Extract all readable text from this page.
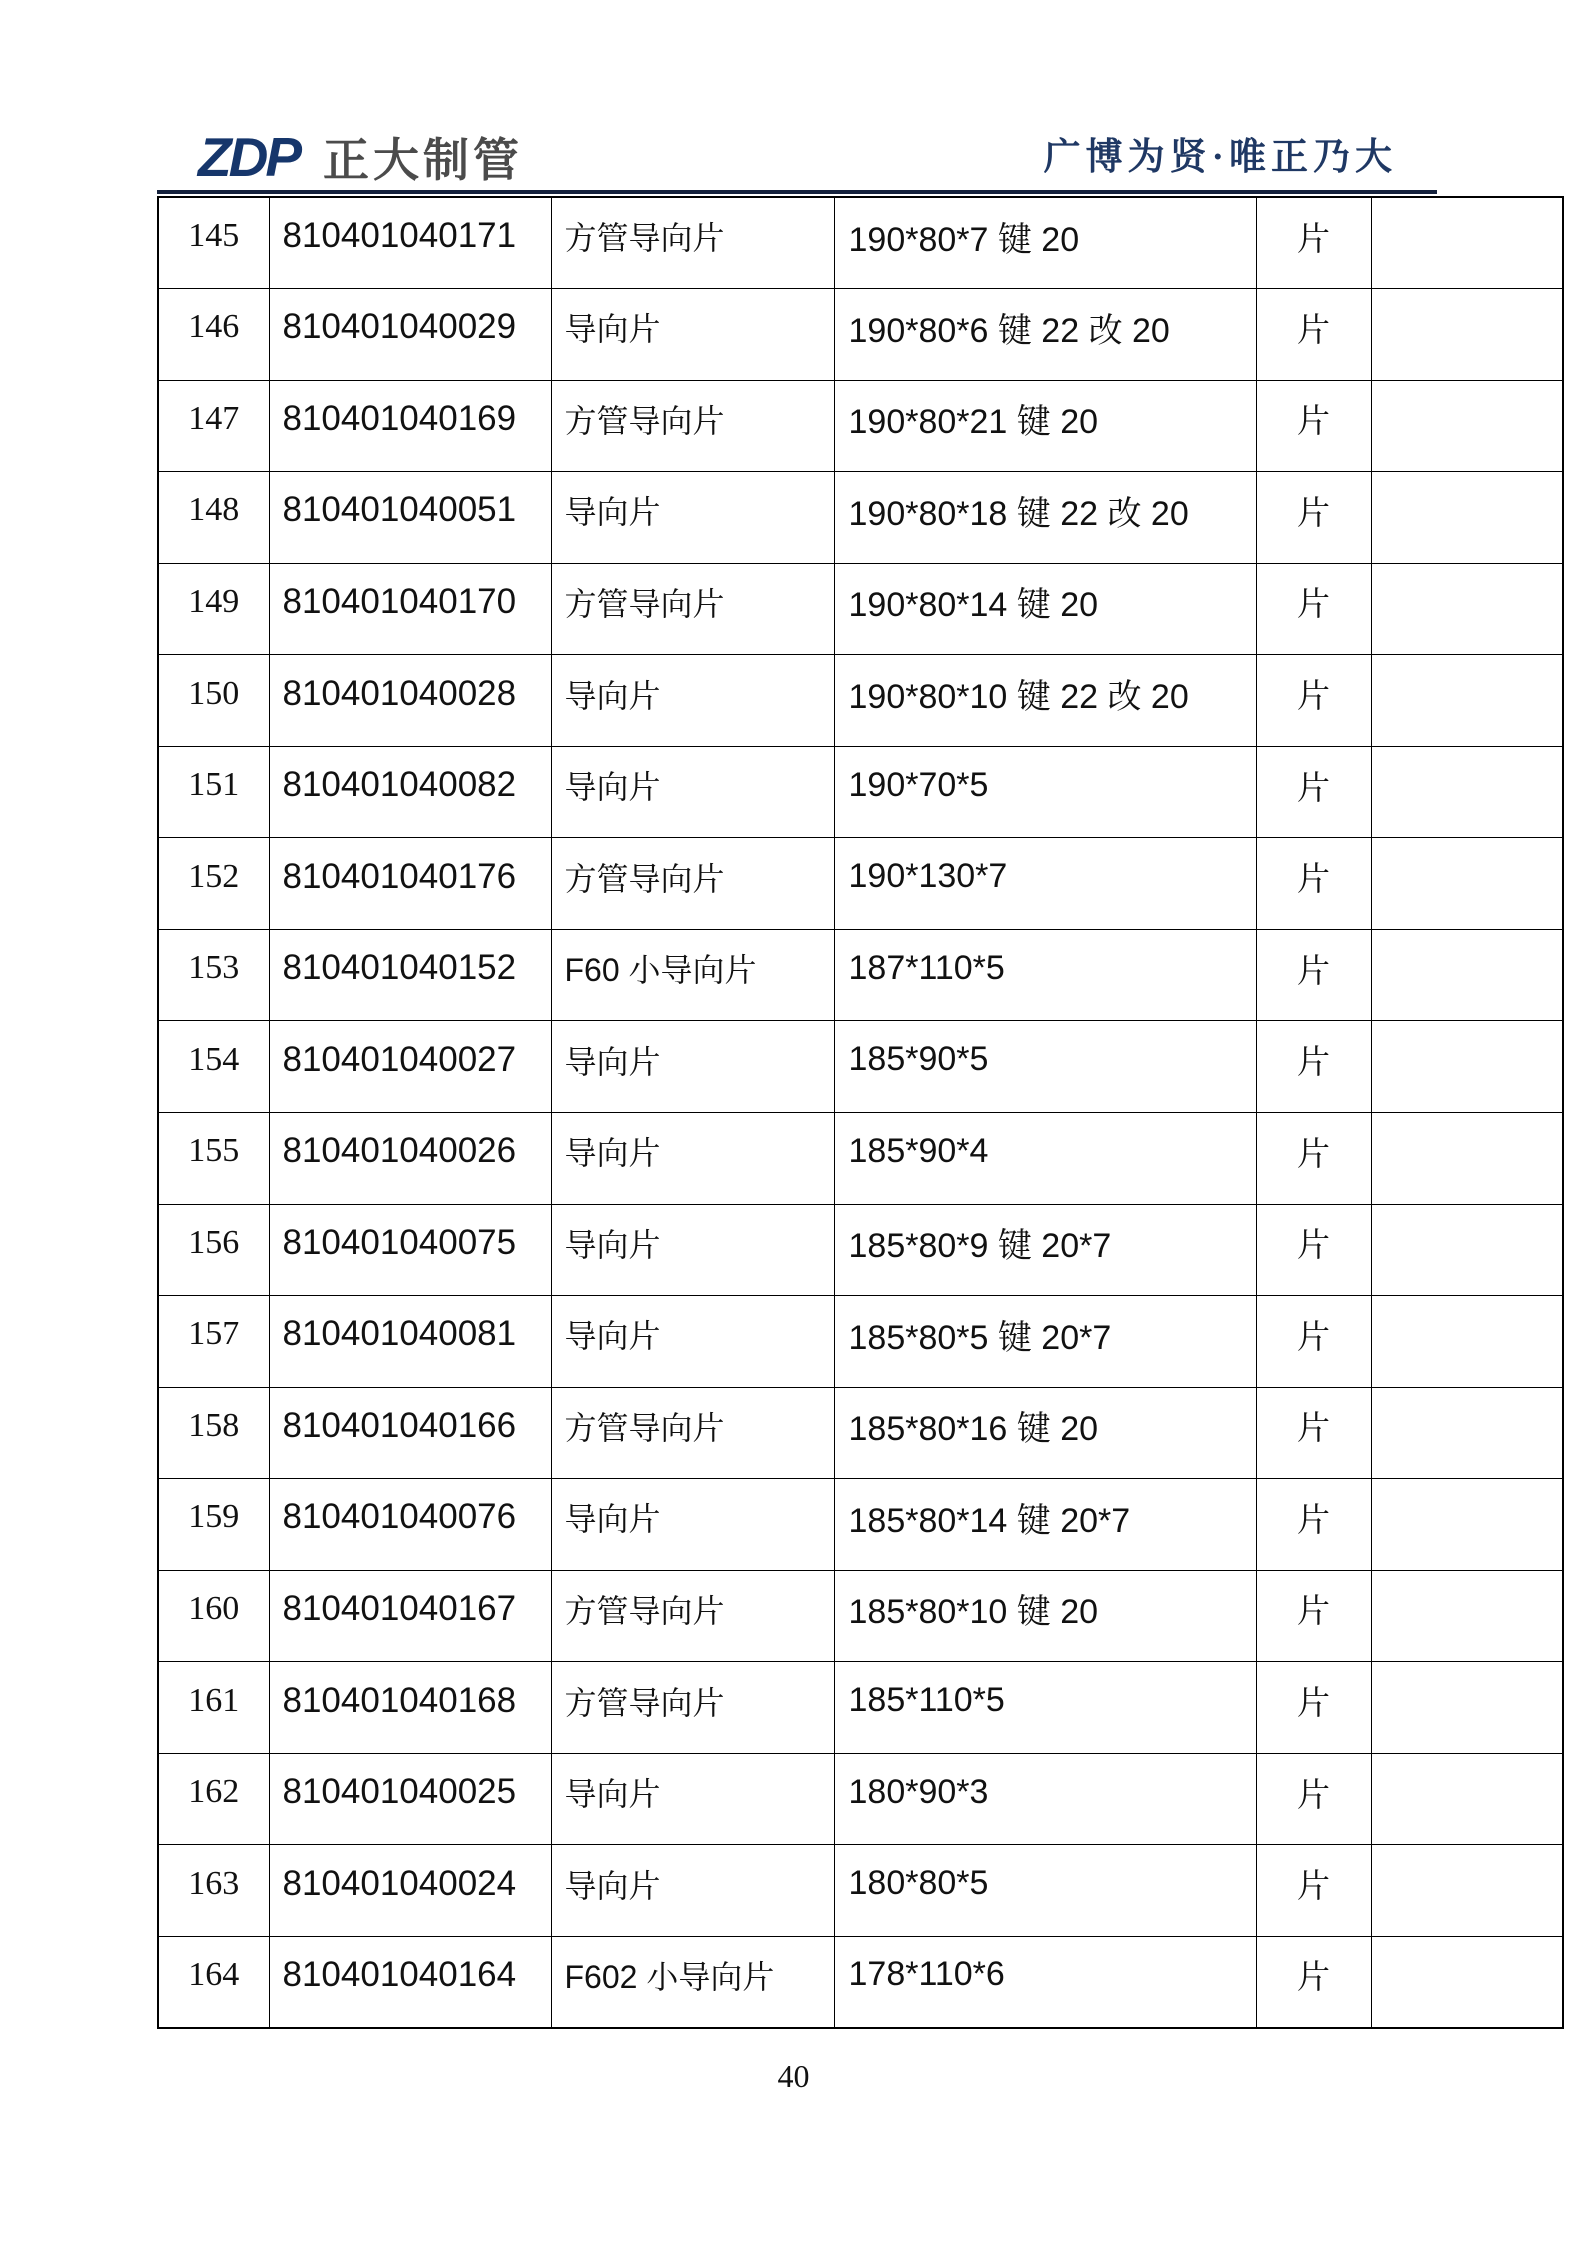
ZDP 正大制管	广博为贤·唯正乃大
145	810401040171	方管导向片	190*80*7 键 20	片	
146	810401040029	导向片	190*80*6 键 22 改 20	片	
147	810401040169	方管导向片	190*80*21 键 20	片	
148	810401040051	导向片	190*80*18 键 22 改 20	片	
149	810401040170	方管导向片	190*80*14 键 20	片	
150	810401040028	导向片	190*80*10 键 22 改 20	片	
151	810401040082	导向片	190*70*5	片	
152	810401040176	方管导向片	190*130*7	片	
153	810401040152	F60 小导向片	187*110*5	片	
154	810401040027	导向片	185*90*5	片	
155	810401040026	导向片	185*90*4	片	
156	810401040075	导向片	185*80*9 键 20*7	片	
157	810401040081	导向片	185*80*5 键 20*7	片	
158	810401040166	方管导向片	185*80*16 键 20	片	
159	810401040076	导向片	185*80*14 键 20*7	片	
160	810401040167	方管导向片	185*80*10 键 20	片	
161	810401040168	方管导向片	185*110*5	片	
162	810401040025	导向片	180*90*3	片	
163	810401040024	导向片	180*80*5	片	
164	810401040164	F602 小导向片	178*110*6	片	
40
